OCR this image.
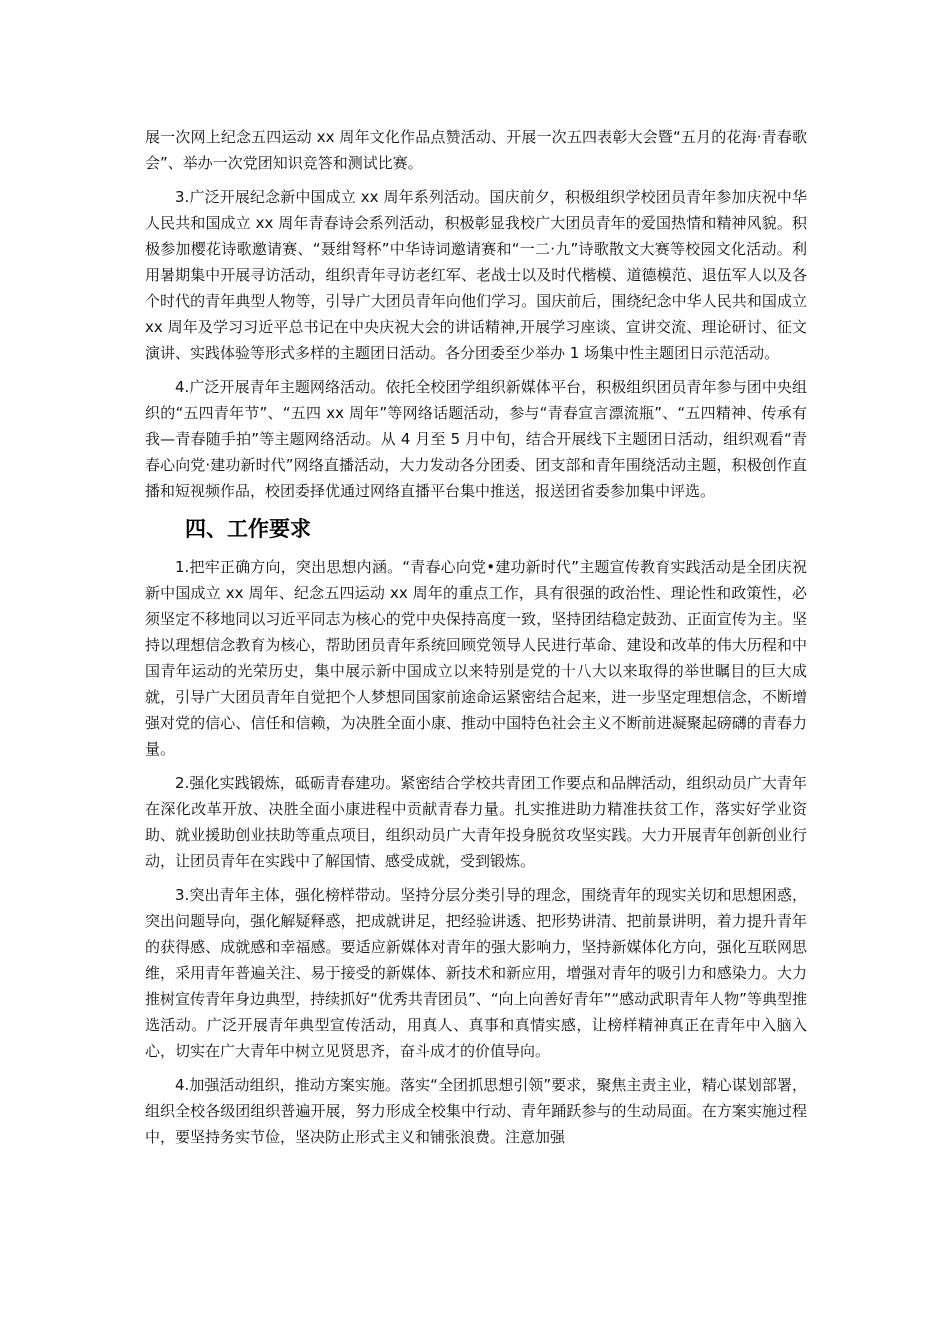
展一次网上纪念五四运动 xx 周年文化作品点赞活动、开展一次五四表彰大会暨“五月的花海·青春歌会”、举办一次党团知识竞答和测试比赛。

3.广泛开展纪念新中国成立 xx 周年系列活动。国庆前夕，积极组织学校团员青年参加庆祝中华人民共和国成立 xx 周年青春诗会系列活动，积极彰显我校广大团员青年的爱国热情和精神风貌。积极参加樱花诗歌邀请赛、“聂绀弩杯”中华诗词邀请赛和“一二·九”诗歌散文大赛等校园文化活动。利用暑期集中开展寻访活动，组织青年寻访老红军、老战士以及时代楷模、道德模范、退伍军人以及各个时代的青年典型人物等，引导广大团员青年向他们学习。国庆前后，围绕纪念中华人民共和国成立 xx 周年及学习习近平总书记在中央庆祝大会的讲话精神,开展学习座谈、宣讲交流、理论研讨、征文演讲、实践体验等形式多样的主题团日活动。各分团委至少举办 1 场集中性主题团日示范活动。

4.广泛开展青年主题网络活动。依托全校团学组织新媒体平台，积极组织团员青年参与团中央组织的“五四青年节”、“五四 xx 周年”等网络话题活动，参与“青春宣言漂流瓶”、“五四精神、传承有我—青春随手拍”等主题网络活动。从 4 月至 5 月中旬，结合开展线下主题团日活动，组织观看“青春心向党·建功新时代”网络直播活动，大力发动各分团委、团支部和青年围绕活动主题，积极创作直播和短视频作品，校团委择优通过网络直播平台集中推送，报送团省委参加集中评选。

四、工作要求

1.把牢正确方向，突出思想内涵。“青春心向党•建功新时代”主题宣传教育实践活动是全团庆祝新中国成立 xx 周年、纪念五四运动 xx 周年的重点工作，具有很强的政治性、理论性和政策性，必须坚定不移地同以习近平同志为核心的党中央保持高度一致，坚持团结稳定鼓劲、正面宣传为主。坚持以理想信念教育为核心，帮助团员青年系统回顾党领导人民进行革命、建设和改革的伟大历程和中国青年运动的光荣历史，集中展示新中国成立以来特别是党的十八大以来取得的举世瞩目的巨大成就，引导广大团员青年自觉把个人梦想同国家前途命运紧密结合起来，进一步坚定理想信念，不断增强对党的信心、信任和信赖，为决胜全面小康、推动中国特色社会主义不断前进凝聚起磅礴的青春力量。

2.强化实践锻炼，砥砺青春建功。紧密结合学校共青团工作要点和品牌活动，组织动员广大青年在深化改革开放、决胜全面小康进程中贡献青春力量。扎实推进助力精准扶贫工作，落实好学业资助、就业援助创业扶助等重点项目，组织动员广大青年投身脱贫攻坚实践。大力开展青年创新创业行动，让团员青年在实践中了解国情、感受成就，受到锻炼。

3.突出青年主体，强化榜样带动。坚持分层分类引导的理念，围绕青年的现实关切和思想困惑，突出问题导向，强化解疑释惑，把成就讲足，把经验讲透、把形势讲清、把前景讲明，着力提升青年的获得感、成就感和幸福感。要适应新媒体对青年的强大影响力，坚持新媒体化方向，强化互联网思维，采用青年普遍关注、易于接受的新媒体、新技术和新应用，增强对青年的吸引力和感染力。大力推树宣传青年身边典型，持续抓好“优秀共青团员”、“向上向善好青年”“感动武职青年人物”等典型推选活动。广泛开展青年典型宣传活动，用真人、真事和真情实感，让榜样精神真正在青年中入脑入心，切实在广大青年中树立见贤思齐，奋斗成才的价值导向。

4.加强活动组织，推动方案实施。落实“全团抓思想引领”要求，聚焦主责主业，精心谋划部署，组织全校各级团组织普遍开展，努力形成全校集中行动、青年踊跃参与的生动局面。在方案实施过程中，要坚持务实节俭，坚决防止形式主义和铺张浪费。注意加强
